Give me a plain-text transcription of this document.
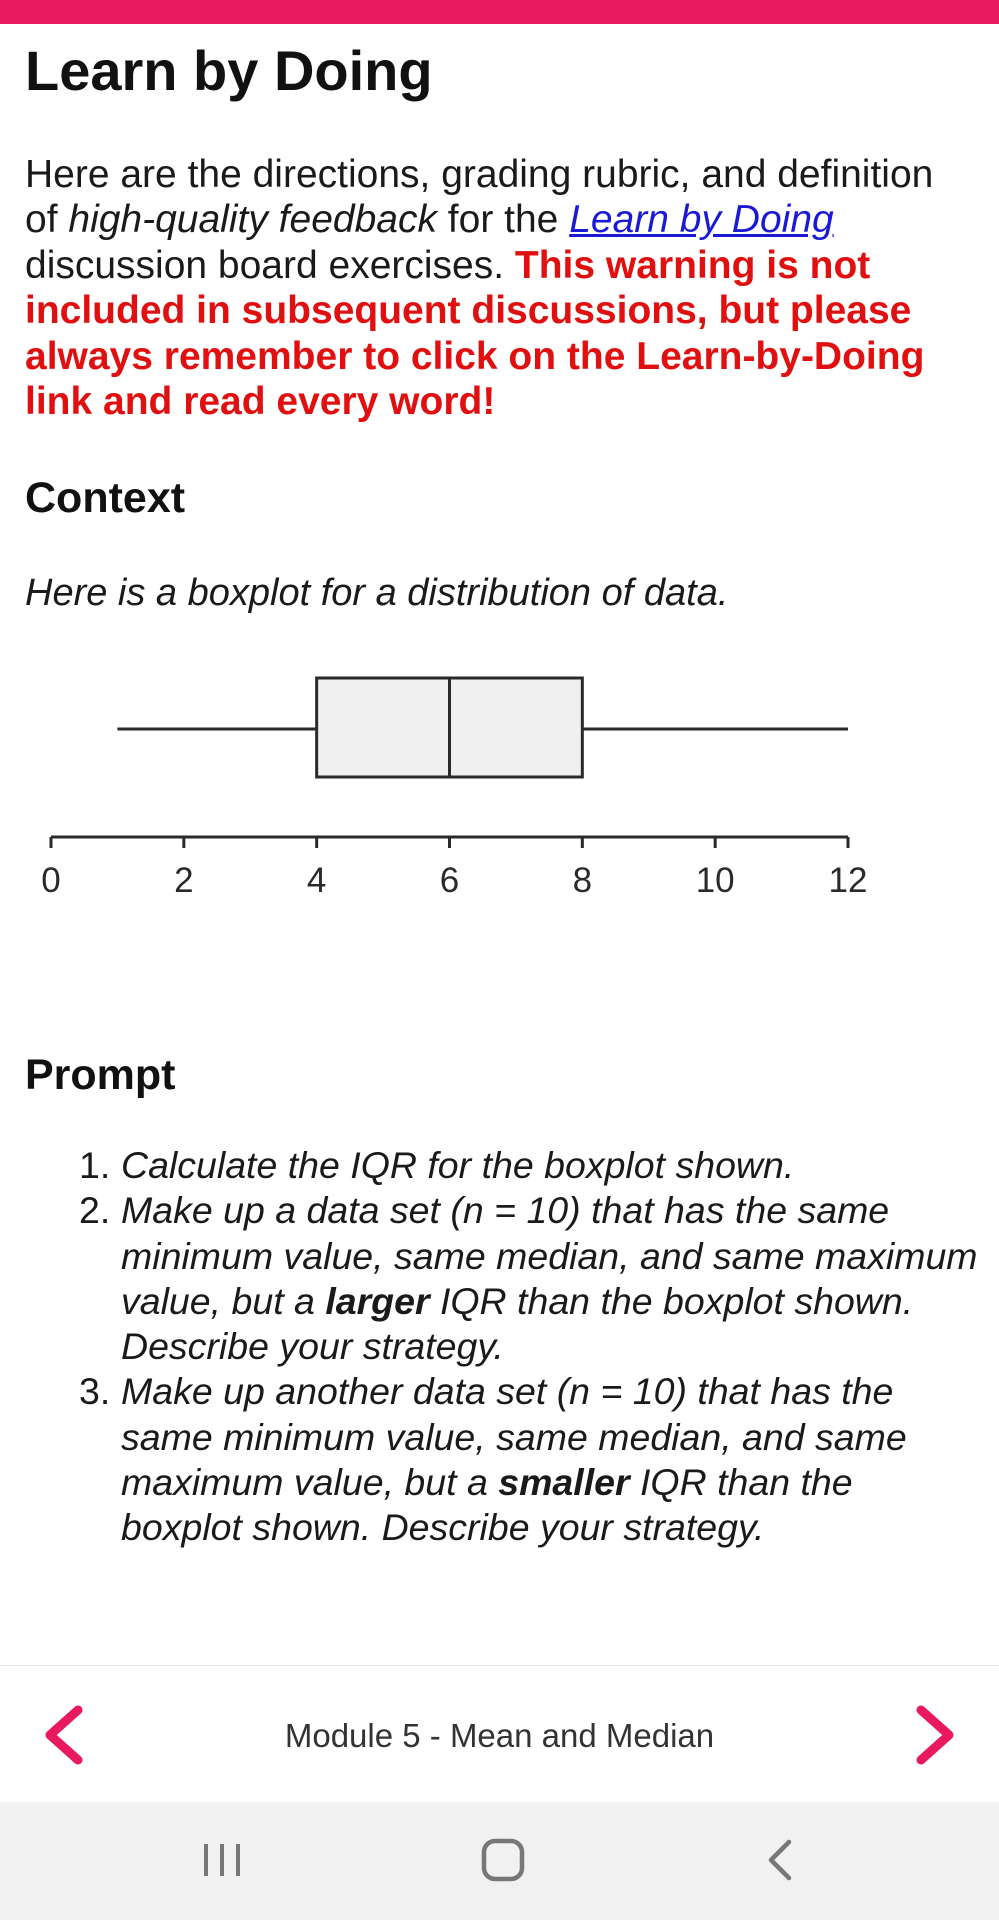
Learn by Doing

Here are the directions, grading rubric, and definition of high-quality feedback for the Learn by Doing discussion board exercises. This warning is not included in subsequent discussions, but please always remember to click on the Learn-by-Doing link and read every word!

Context

Here is a boxplot for a distribution of data.

0	2	4	6	8	10	12
Prompt
1. Calculate the IQR for the boxplot shown.
2. Make up a data set (n = 10) that has the same minimum value, same median, and same maximum value, but a larger IQR than the boxplot shown. Describe your strategy.
3. Make up another data set (n = 10) that has the same minimum value, same median, and same maximum value, but a smaller IQR than the boxplot shown. Describe your strategy.
Module 5 - Mean and Median
